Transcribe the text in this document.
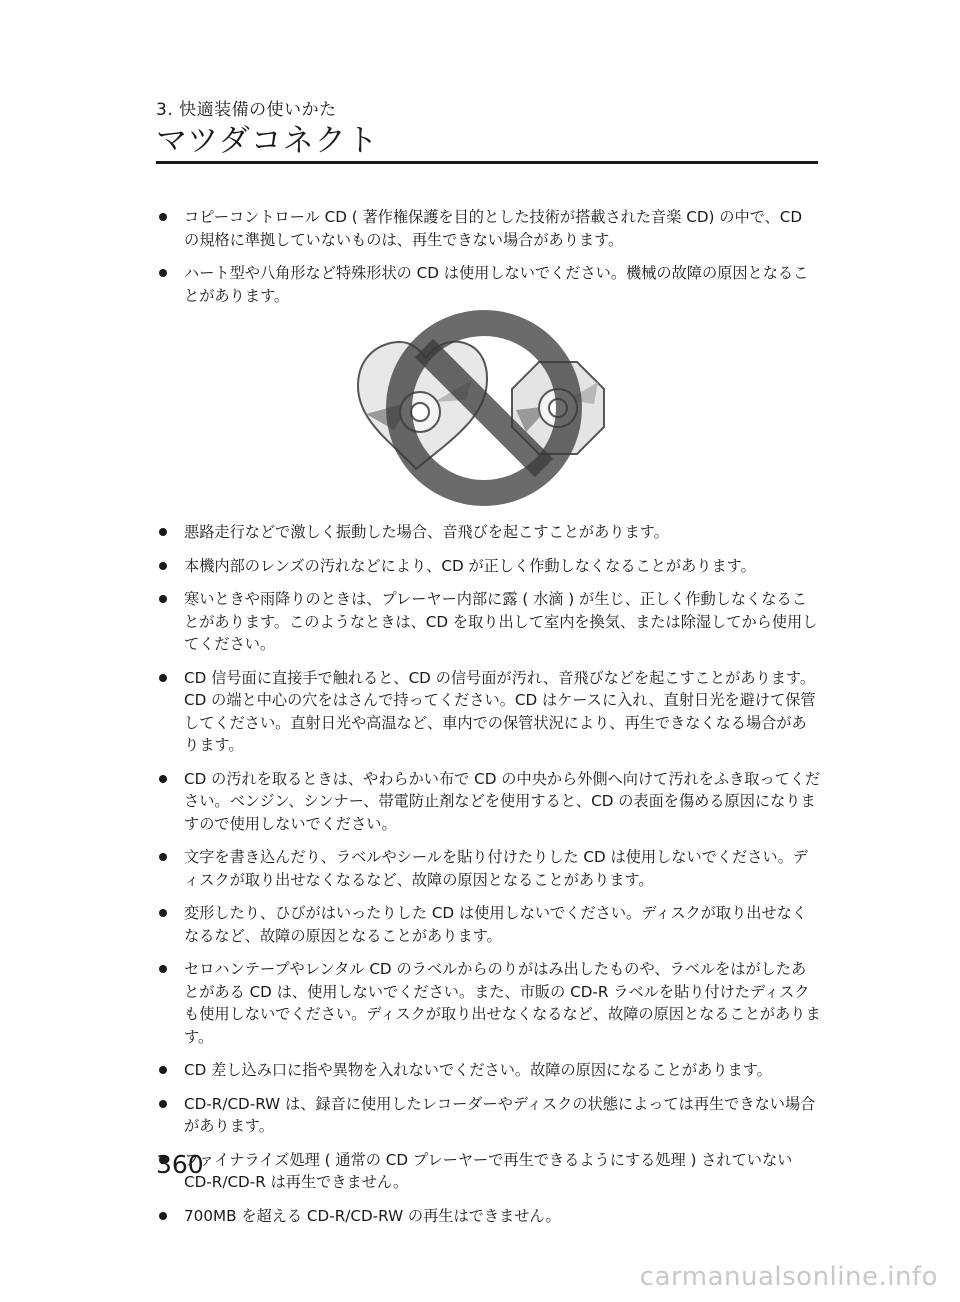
3. 快適装備の使いかた
マツダコネクト
コピーコントロール CD ( 著作権保護を目的とした技術が搭載された音楽 CD) の中で、CD の規格に準拠していないものは、再生できない場合があります。
ハート型や八角形など特殊形状の CD は使用しないでください。機械の故障の原因となることがあります。
悪路走行などで激しく振動した場合、音飛びを起こすことがあります。
本機内部のレンズの汚れなどにより、CD が正しく作動しなくなることがあります。
寒いときや雨降りのときは、プレーヤー内部に露 ( 水滴 ) が生じ、正しく作動しなくなることがあります。このようなときは、CD を取り出して室内を換気、または除湿してから使用してください。
CD 信号面に直接手で触れると、CD の信号面が汚れ、音飛びなどを起こすことがあります。CD の端と中心の穴をはさんで持ってください。CD はケースに入れ、直射日光を避けて保管してください。直射日光や高温など、車内での保管状況により、再生できなくなる場合があります。
CD の汚れを取るときは、やわらかい布で CD の中央から外側へ向けて汚れをふき取ってください。ベンジン、シンナー、帯電防止剤などを使用すると、CD の表面を傷める原因になりますので使用しないでください。
文字を書き込んだり、ラベルやシールを貼り付けたりした CD は使用しないでください。ディスクが取り出せなくなるなど、故障の原因となることがあります。
変形したり、ひびがはいったりした CD は使用しないでください。ディスクが取り出せなくなるなど、故障の原因となることがあります。
セロハンテープやレンタル CD のラベルからのりがはみ出したものや、ラベルをはがしたあとがある CD は、使用しないでください。また、市販の CD-R ラベルを貼り付けたディスクも使用しないでください。ディスクが取り出せなくなるなど、故障の原因となることがあります。
CD 差し込み口に指や異物を入れないでください。故障の原因になることがあります。
CD-R/CD-RW は、録音に使用したレコーダーやディスクの状態によっては再生できない場合があります。
ファイナライズ処理 ( 通常の CD プレーヤーで再生できるようにする処理 ) されていない CD-R/CD-R は再生できません。
700MB を超える CD-R/CD-RW の再生はできません。
360
carmanualsonline.info
